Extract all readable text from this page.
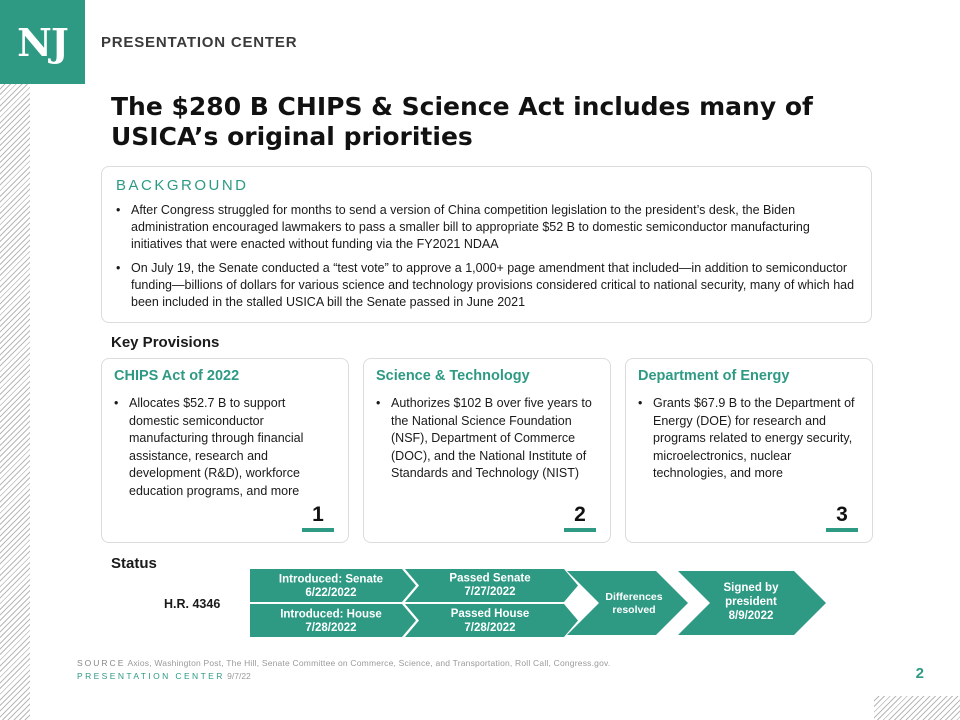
NJ PRESENTATION CENTER
The $280 B CHIPS & Science Act includes many of USICA’s original priorities
BACKGROUND
• After Congress struggled for months to send a version of China competition legislation to the president’s desk, the Biden administration encouraged lawmakers to pass a smaller bill to appropriate $52 B to domestic semiconductor manufacturing initiatives that were enacted without funding via the FY2021 NDAA
• On July 19, the Senate conducted a “test vote” to approve a 1,000+ page amendment that included—in addition to semiconductor funding—billions of dollars for various science and technology provisions considered critical to national security, many of which had been included in the stalled USICA bill the Senate passed in June 2021
Key Provisions
CHIPS Act of 2022
• Allocates $52.7 B to support domestic semiconductor manufacturing through financial assistance, research and development (R&D), workforce education programs, and more
1
Science & Technology
• Authorizes $102 B over five years to the National Science Foundation (NSF), Department of Commerce (DOC), and the National Institute of Standards and Technology (NIST)
2
Department of Energy
• Grants $67.9 B to the Department of Energy (DOE) for research and programs related to energy security, microelectronics, nuclear technologies, and more
3
Status
H.R. 4346
Introduced: Senate
6/22/2022
Introduced: House
7/28/2022
Passed Senate
7/27/2022
Passed House
7/28/2022
Differences
resolved
Signed by
president
8/9/2022
SOURCE Axios, Washington Post, The Hill, Senate Committee on Commerce, Science, and Transportation, Roll Call, Congress.gov.
PRESENTATION CENTER 9/7/22	2
